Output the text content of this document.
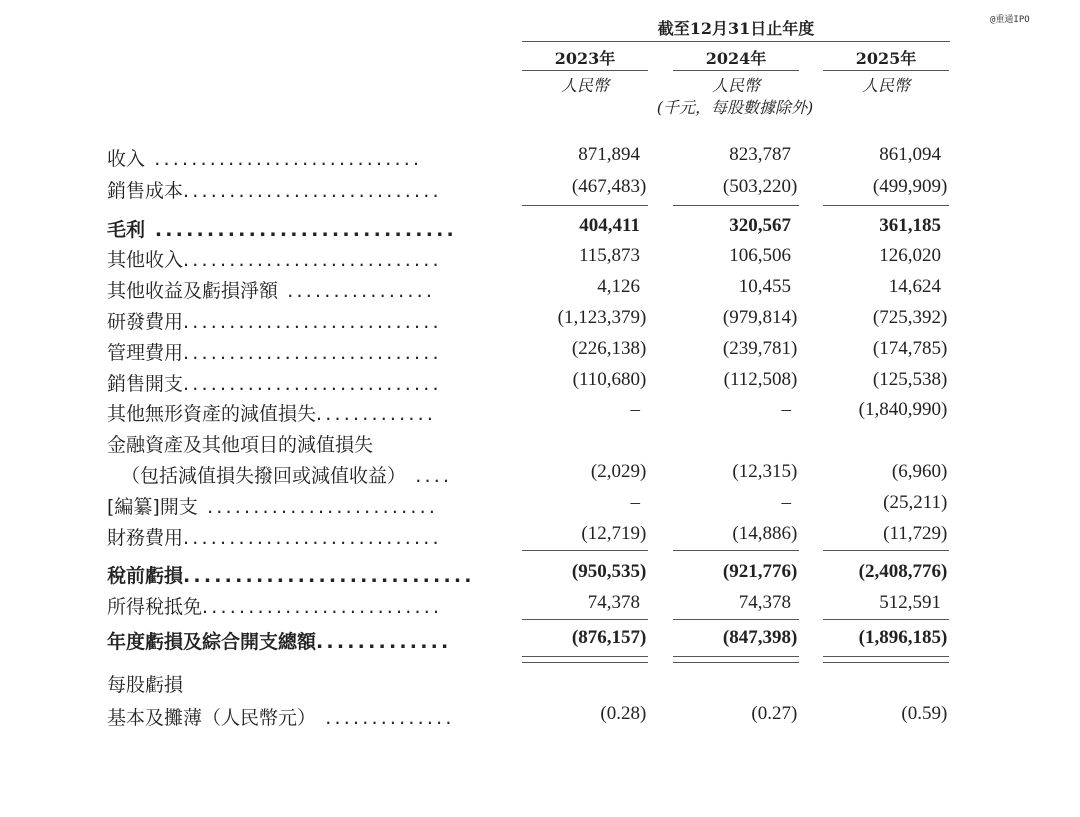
@重通IPO
截至12月31日止年度
2023年	2024年	2025年
人民幣	人民幣	人民幣
(千元，每股數據除外)
收入 .............................	871,894	823,787	861,094
銷售成本............................	(467,483)	(503,220)	(499,909)
毛利 .............................	404,411	320,567	361,185
其他收入............................	115,873	106,506	126,020
其他收益及虧損淨額 ................	4,126	10,455	14,624
研發費用............................	(1,123,379)	(979,814)	(725,392)
管理費用............................	(226,138)	(239,781)	(174,785)
銷售開支............................	(110,680)	(112,508)	(125,538)
其他無形資產的減值損失.............	–	–	(1,840,990)
金融資產及其他項目的減值損失
（包括減值損失撥回或減值收益） ....	(2,029)	(12,315)	(6,960)
[編纂]開支 .........................	–	–	(25,211)
財務費用............................	(12,719)	(14,886)	(11,729)
稅前虧損............................	(950,535)	(921,776)	(2,408,776)
所得稅抵免..........................	74,378	74,378	512,591
年度虧損及綜合開支總額.............	(876,157)	(847,398)	(1,896,185)
每股虧損
基本及攤薄（人民幣元） ..............	(0.28)	(0.27)	(0.59)
